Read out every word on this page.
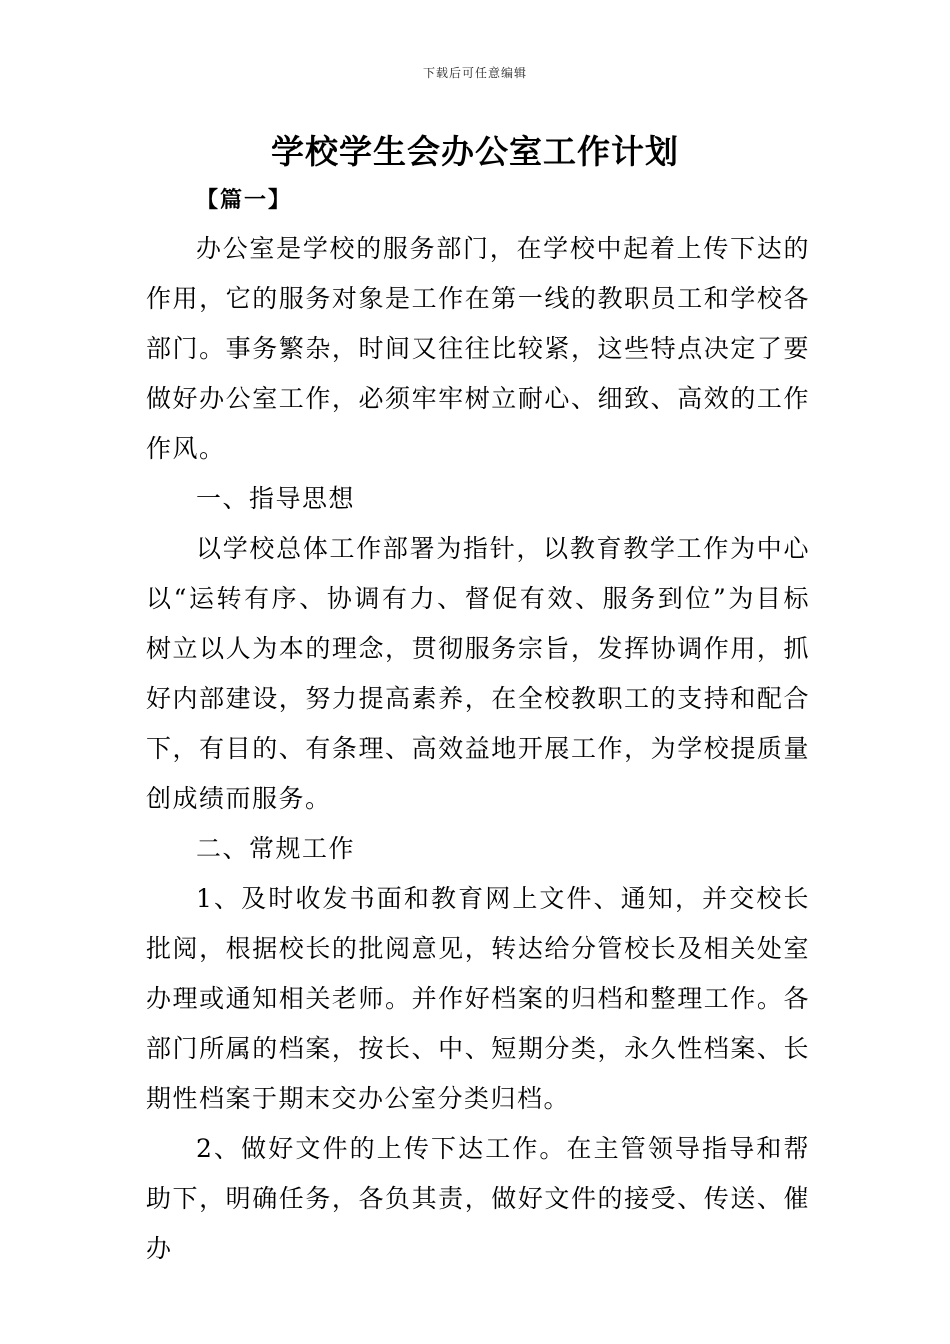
下载后可任意编辑
学校学生会办公室工作计划
【篇一】

办公室是学校的服务部门，在学校中起着上传下达的作用，它的服务对象是工作在第一线的教职员工和学校各部门。事务繁杂，时间又往往比较紧，这些特点决定了要做好办公室工作，必须牢牢树立耐心、细致、高效的工作作风。

一、指导思想

以学校总体工作部署为指针，以教育教学工作为中心以“运转有序、协调有力、督促有效、服务到位”为目标树立以人为本的理念，贯彻服务宗旨，发挥协调作用，抓好内部建设，努力提高素养，在全校教职工的支持和配合下，有目的、有条理、高效益地开展工作，为学校提质量创成绩而服务。

二、常规工作

1、及时收发书面和教育网上文件、通知，并交校长批阅，根据校长的批阅意见，转达给分管校长及相关处室办理或通知相关老师。并作好档案的归档和整理工作。各部门所属的档案，按长、中、短期分类，永久性档案、长期性档案于期末交办公室分类归档。

2、做好文件的上传下达工作。在主管领导指导和帮助下，明确任务，各负其责，做好文件的接受、传送、催办
